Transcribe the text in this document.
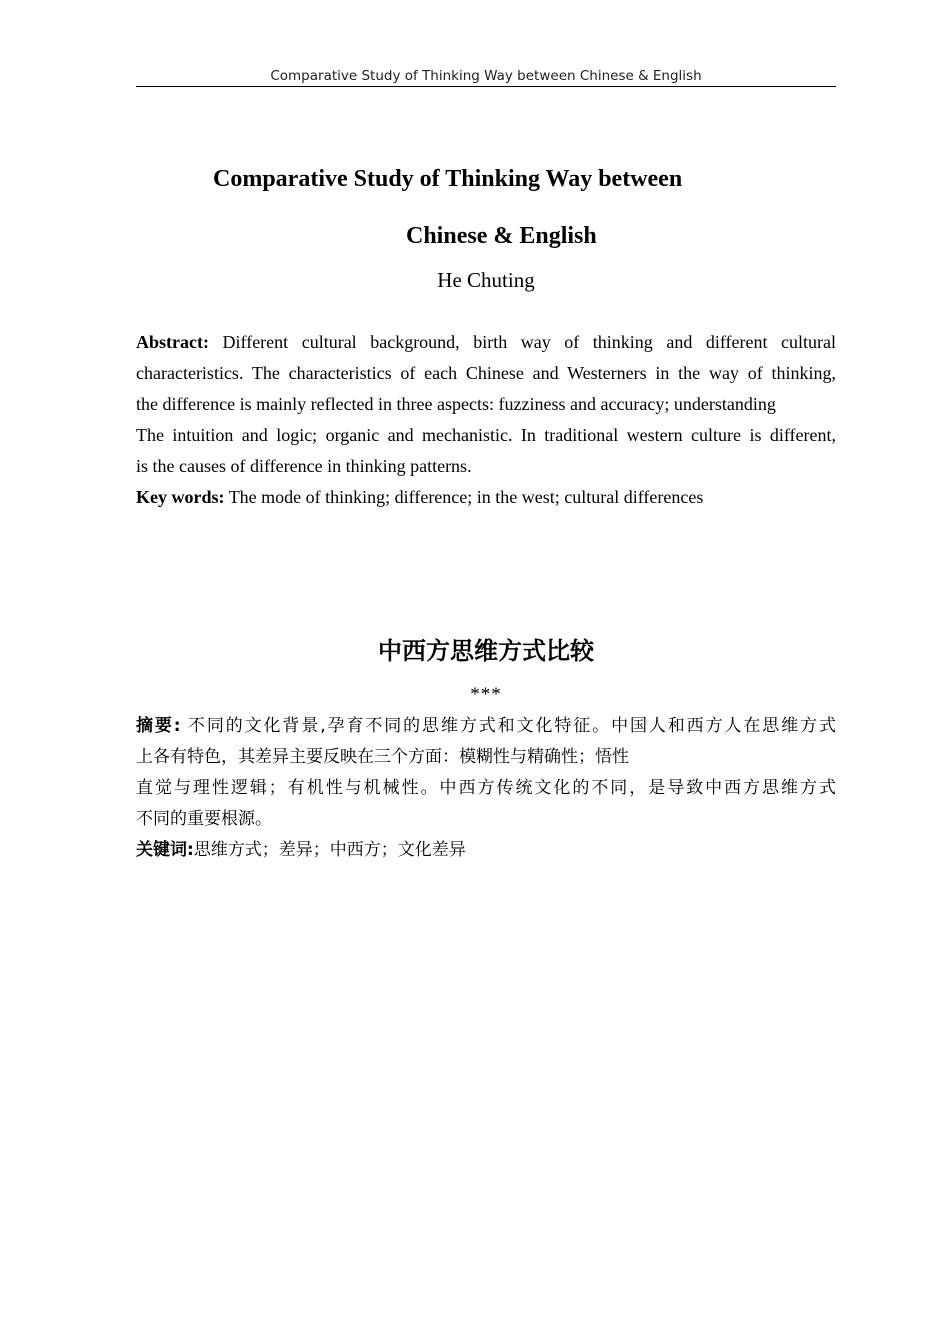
Comparative Study of Thinking Way between Chinese & English
Comparative Study of Thinking Way between
Chinese & English
He Chuting
Abstract: Different cultural background, birth way of thinking and different cultural
characteristics. The characteristics of each Chinese and Westerners in the way of thinking,
the difference is mainly reflected in three aspects: fuzziness and accuracy; understanding
The intuition and logic; organic and mechanistic. In traditional western culture is different,
is the causes of difference in thinking patterns.
Key words: The mode of thinking; difference; in the west; cultural differences
中西方思维方式比较
***
摘要: 不同的文化背景,孕育不同的思维方式和文化特征。中国人和西方人在思维方式
上各有特色，其差异主要反映在三个方面：模糊性与精确性；悟性
直觉与理性逻辑；有机性与机械性。中西方传统文化的不同，是导致中西方思维方式
不同的重要根源。
关键词:思维方式；差异；中西方；文化差异
